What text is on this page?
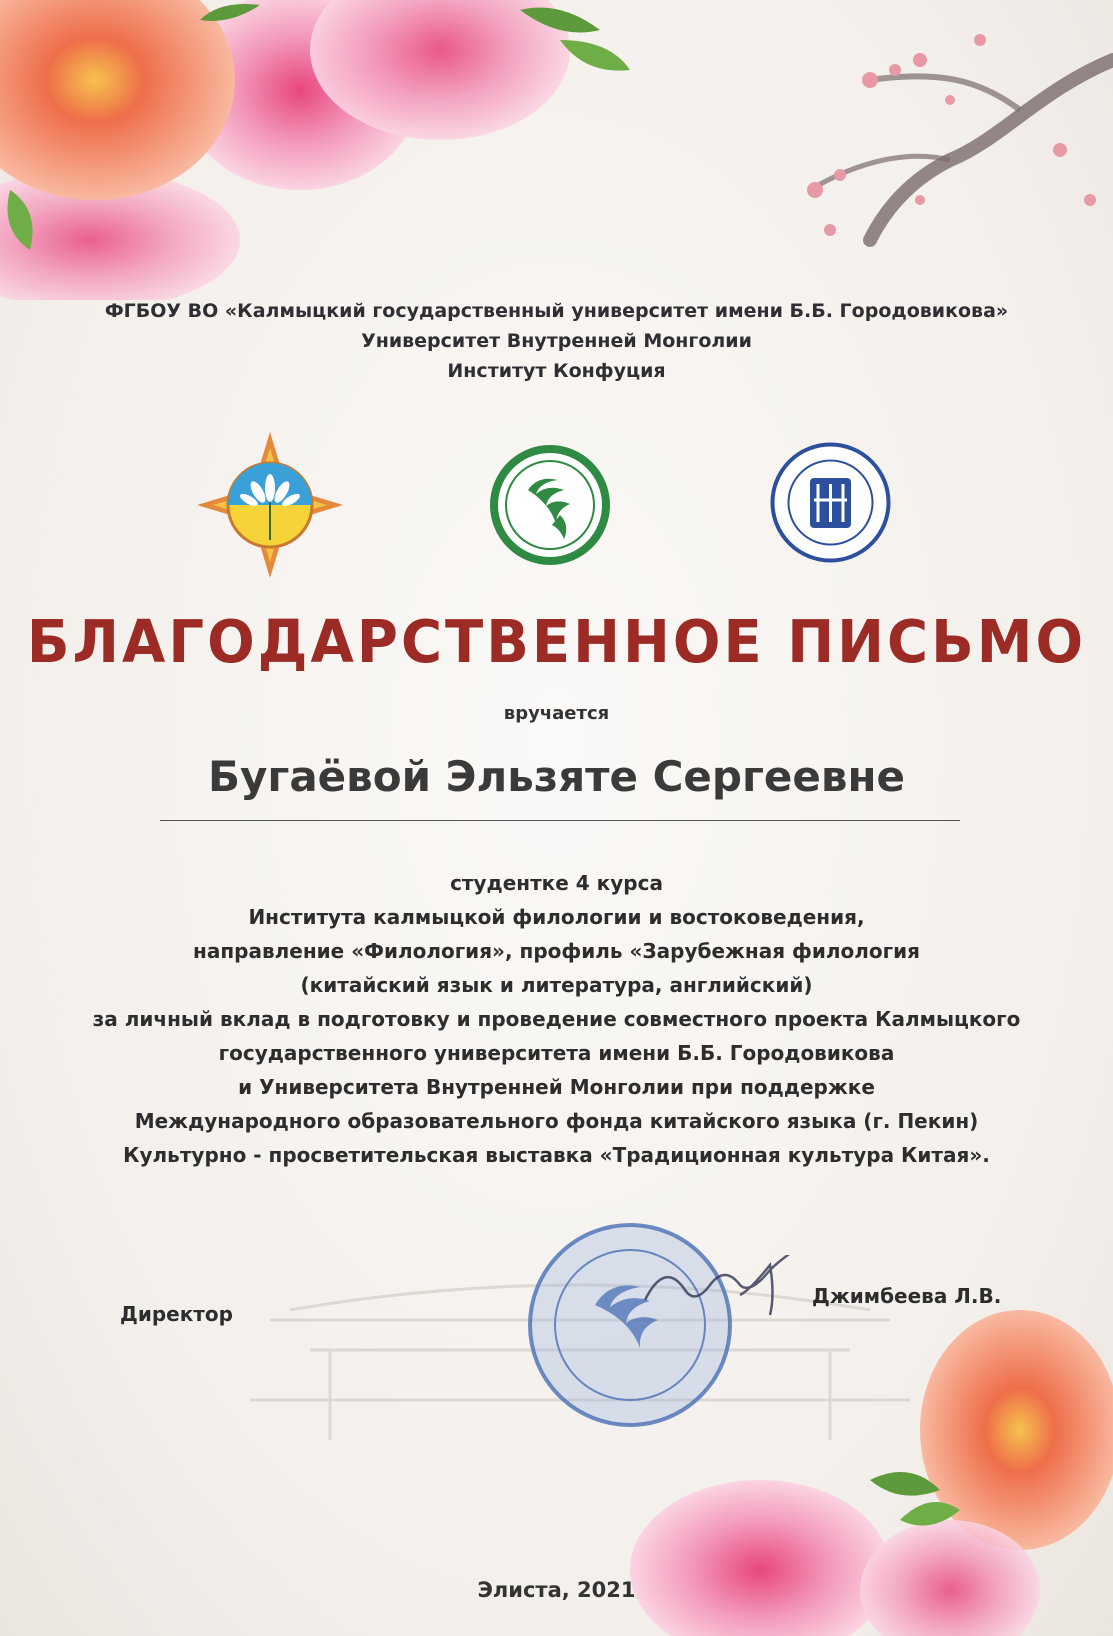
ФГБОУ ВО «Калмыцкий государственный университет имени Б.Б. Городовикова»
Университет Внутренней Монголии
Институт Конфуция
БЛАГОДАРСТВЕННОЕ ПИСЬМО
вручается
Бугаёвой Эльзяте Сергеевне
студентке 4 курса
Института калмыцкой филологии и востоковедения,
направление «Филология», профиль «Зарубежная филология
(китайский язык и литература, английский)
за личный вклад в подготовку и проведение совместного проекта Калмыцкого
государственного университета имени Б.Б. Городовикова
и Университета Внутренней Монголии при поддержке
Международного образовательного фонда китайского языка (г. Пекин)
Культурно - просветительская выставка «Традиционная культура Китая».
Директор
Джимбеева Л.В.
Элиста, 2021
